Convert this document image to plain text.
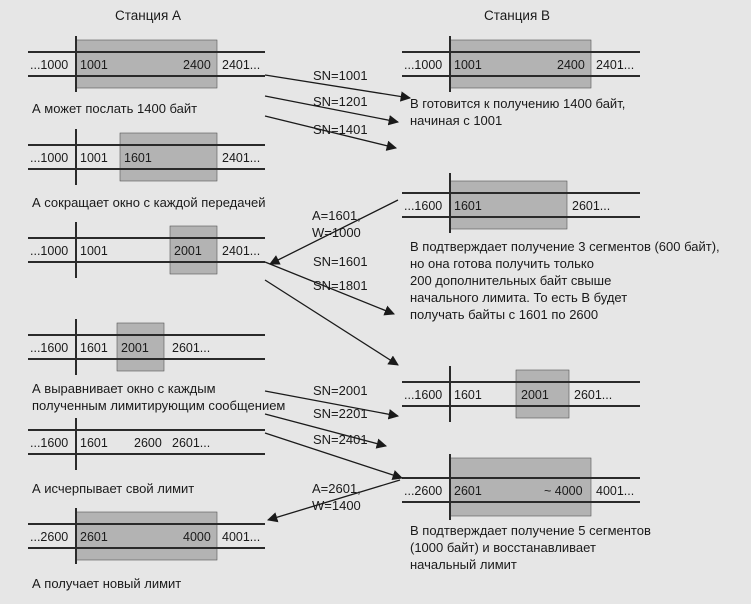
Станция А	Станция В
...1000 1001	2400 2401...
А может послать 1400 байт
...1000 1001 1601	2401...
А сокращает окно с каждой передачей
...1000 1001	2001 2401...
...1600 1601 2001 2601...
А выравнивает окно с каждым
полученным лимитирующим сообщением
...1600 1601 2600 2601...
А исчерпывает свой лимит
...2600 2601	4000 4001...
А получает новый лимит
...1000 1001	2400 2401...
В готовится к получению 1400 байт,
начиная с 1001
...1600 1601	2601...
В подтверждает получение 3 сегментов (600 байт),
но она готова получить только
200 дополнительных байт свыше
начального лимита. То есть В будет
получать байты с 1601 по 2600
...1600 1601	2001 2601...
...2600 2601	~ 4000 4001...
В подтверждает получение 5 сегментов
(1000 байт) и восстанавливает
начальный лимит
SN=1001
SN=1201
SN=1401
A=1601,
W=1000
SN=1601
SN=1801
SN=2001
SN=2201
SN=2401
A=2601,
W=1400
